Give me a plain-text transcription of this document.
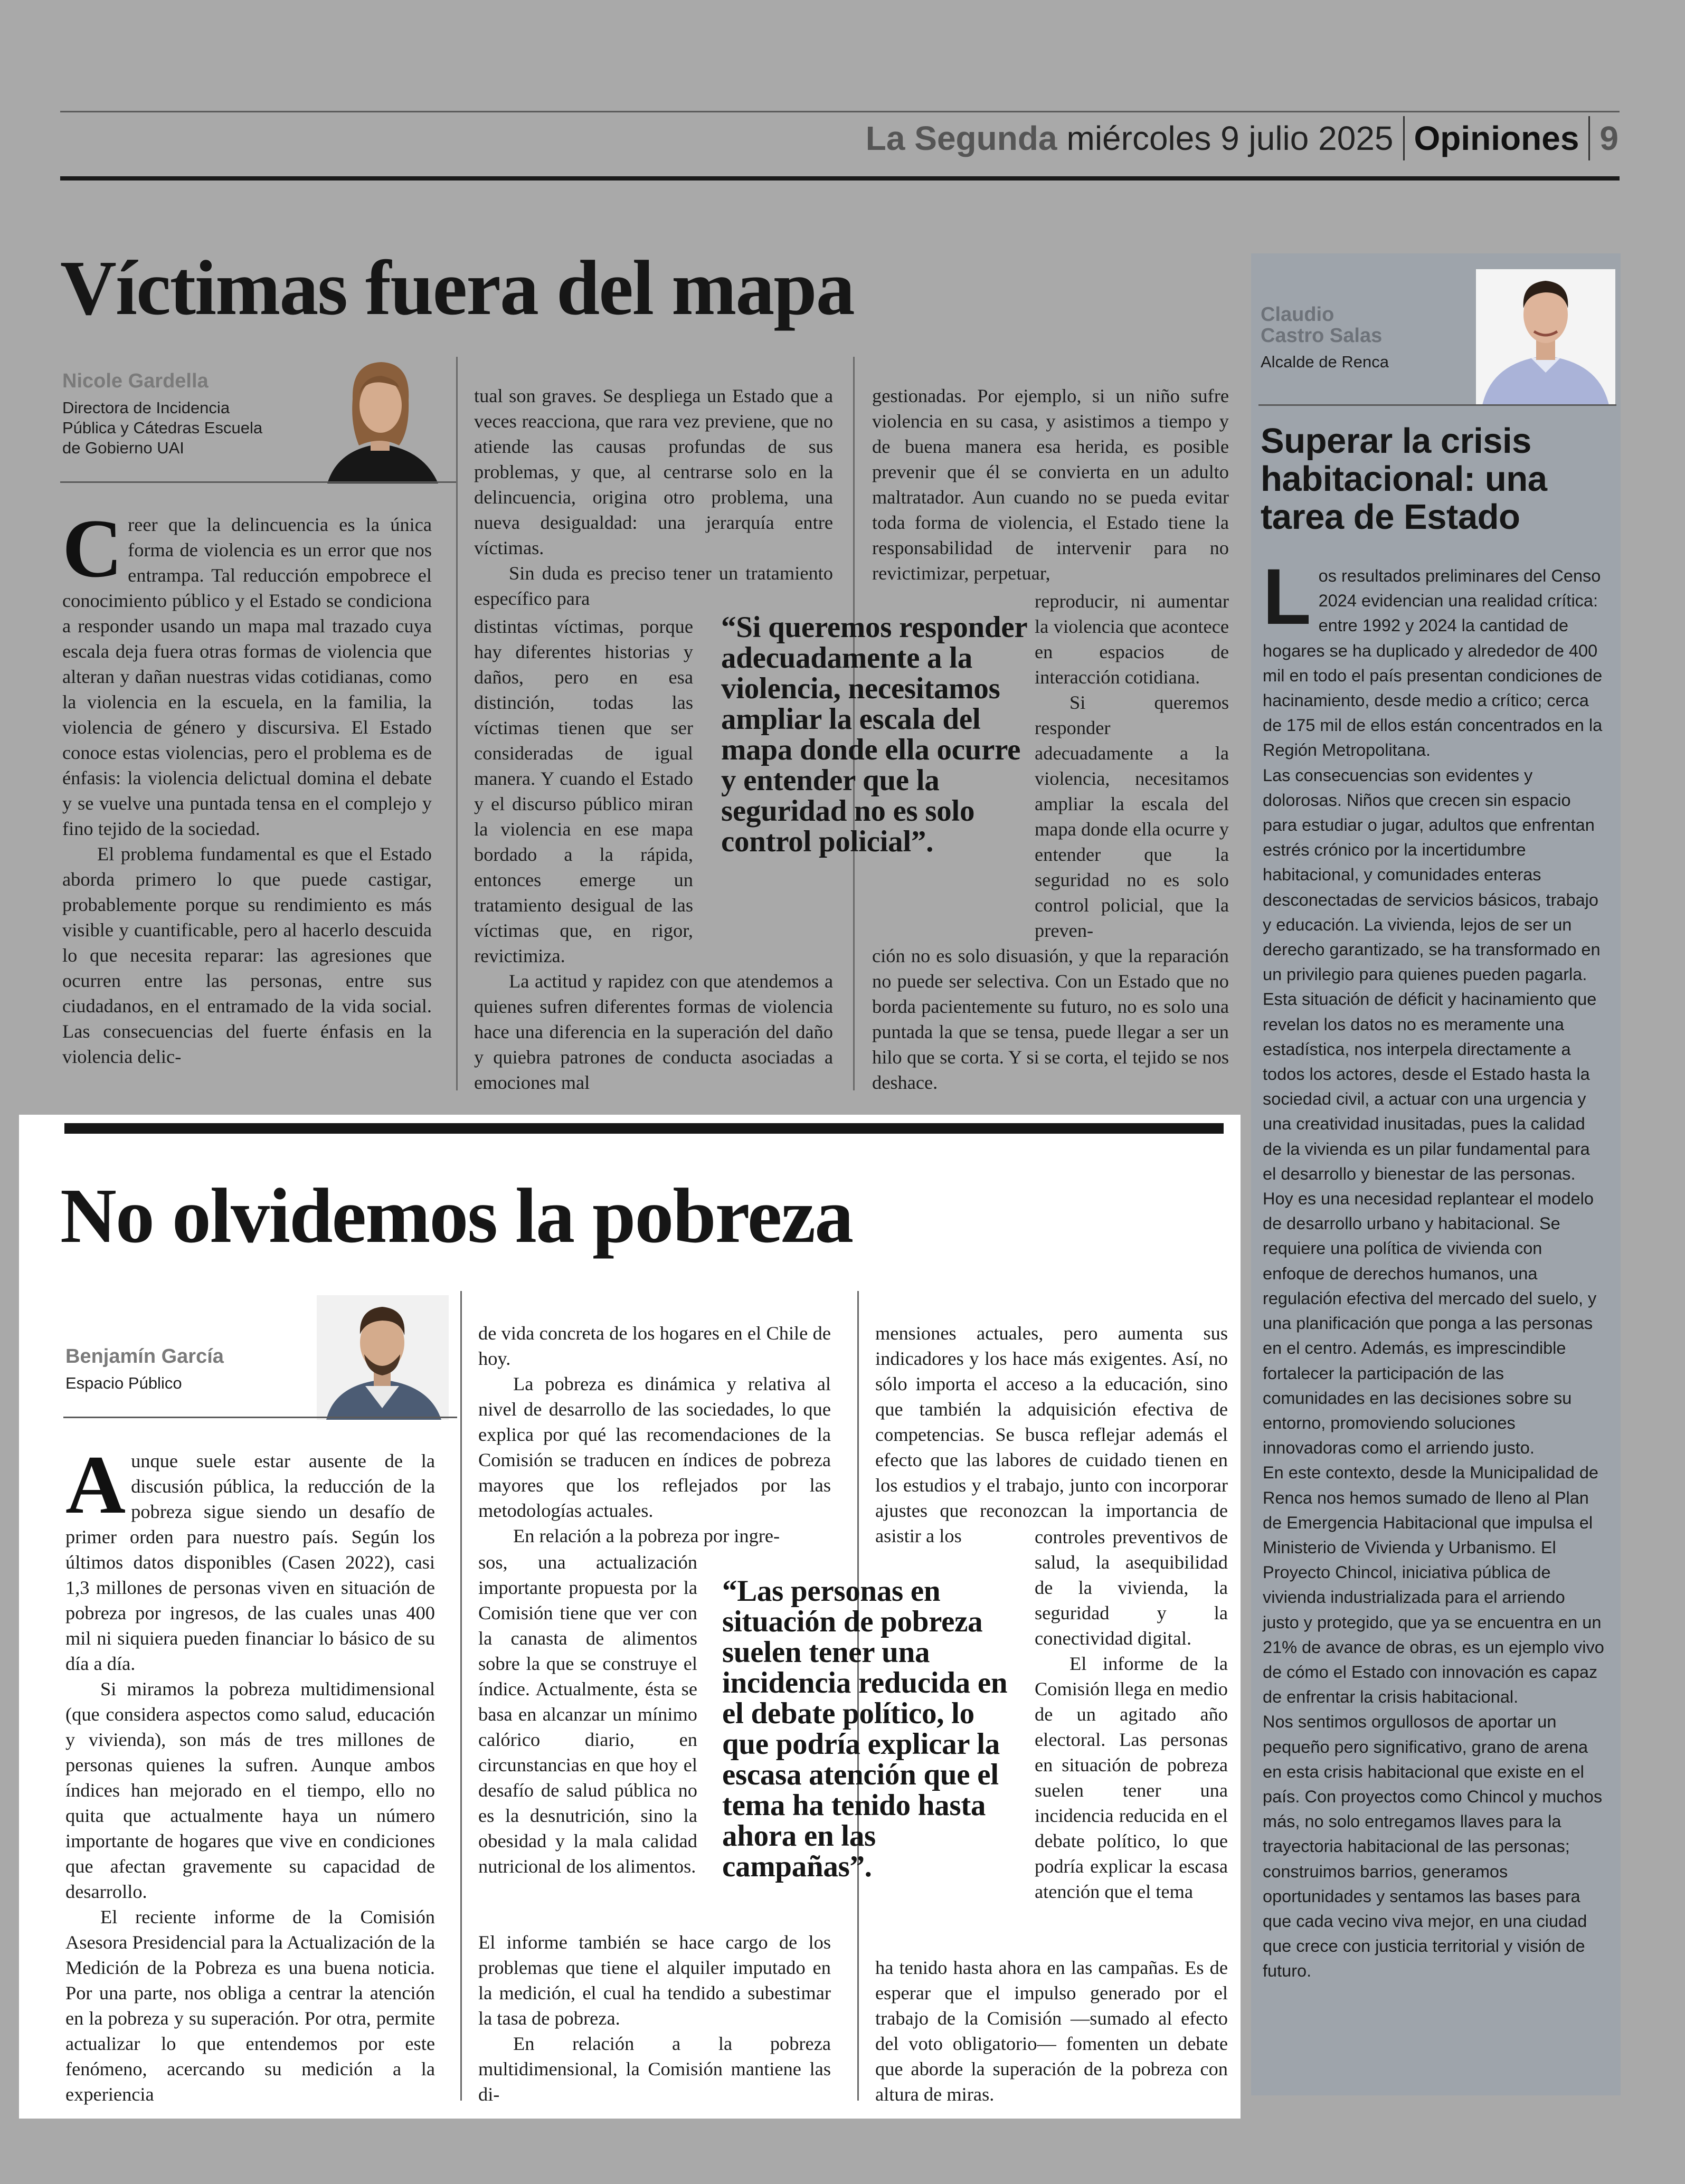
La Segunda miércoles 9 julio 2025 Opiniones 9
Víctimas fuera del mapa
Nicole Gardella
Directora de Incidencia
Pública y Cátedras Escuela
de Gobierno UAI

Creer que la delincuencia es la única forma de violencia es un error que nos entrampa. Tal reducción empobrece el conocimiento público y el Estado se condiciona a responder usando un mapa mal trazado cuya escala deja fuera otras formas de violencia que alteran y dañan nuestras vidas cotidianas, como la violencia en la escuela, en la familia, la violencia de género y discursiva. El Estado conoce estas violencias, pero el problema es de énfasis: la violencia delictual domina el debate y se vuelve una puntada tensa en el complejo y fino tejido de la sociedad.

El problema fundamental es que el Estado aborda primero lo que puede castigar, probablemente porque su rendimiento es más visible y cuantificable, pero al hacerlo descuida lo que necesita reparar: las agresiones que ocurren entre las personas, entre sus ciudadanos, en el entramado de la vida social. Las consecuencias del fuerte énfasis en la violencia delic-

tual son graves. Se despliega un Estado que a veces reacciona, que rara vez previene, que no atiende las causas profundas de sus problemas, y que, al centrarse solo en la delincuencia, origina otro problema, una nueva desigualdad: una jerarquía entre víctimas.

Sin duda es preciso tener un tratamiento específico para

distintas víctimas, porque hay diferentes historias y daños, pero en esa distinción, todas las víctimas tienen que ser consideradas de igual manera. Y cuando el Estado y el discurso público miran la violencia en ese mapa bordado a la rápida, entonces emerge un tratamiento desigual de las víctimas que, en rigor, revictimiza.

La actitud y rapidez con que atendemos a quienes sufren diferentes formas de violencia hace una diferencia en la superación del daño y quiebra patrones de conducta asociadas a emociones mal

gestionadas. Por ejemplo, si un niño sufre violencia en su casa, y asistimos a tiempo y de buena manera esa herida, es posible prevenir que él se convierta en un adulto maltratador. Aun cuando no se pueda evitar toda forma de violencia, el Estado tiene la responsabilidad de intervenir para no revictimizar, perpetuar,

reproducir, ni aumentar la violencia que acontece en espacios de interacción cotidiana.

Si queremos responder adecuadamente a la violencia, necesitamos ampliar la escala del mapa donde ella ocurre y entender que la seguridad no es solo control policial, que la preven-

ción no es solo disuasión, y que la reparación no puede ser selectiva. Con un Estado que no borda pacientemente su futuro, no es solo una puntada la que se tensa, puede llegar a ser un hilo que se corta. Y si se corta, el tejido se nos deshace.

“Si queremos responder adecuadamente a la violencia, necesitamos ampliar la escala del mapa donde ella ocurre y entender que la seguridad no es solo control policial”.
No olvidemos la pobreza
Benjamín García
Espacio Público

Aunque suele estar ausente de la discusión pública, la reducción de la pobreza sigue siendo un desafío de primer orden para nuestro país. Según los últimos datos disponibles (Casen 2022), casi 1,3 millones de personas viven en situación de pobreza por ingresos, de las cuales unas 400 mil ni siquiera pueden financiar lo básico de su día a día.

Si miramos la pobreza multidimensional (que considera aspectos como salud, educación y vivienda), son más de tres millones de personas quienes la sufren. Aunque ambos índices han mejorado en el tiempo, ello no quita que actualmente haya un número importante de hogares que vive en condiciones que afectan gravemente su capacidad de desarrollo.

El reciente informe de la Comisión Asesora Presidencial para la Actualización de la Medición de la Pobreza es una buena noticia. Por una parte, nos obliga a centrar la atención en la pobreza y su superación. Por otra, permite actualizar lo que entendemos por este fenómeno, acercando su medición a la experiencia

de vida concreta de los hogares en el Chile de hoy.

La pobreza es dinámica y relativa al nivel de desarrollo de las sociedades, lo que explica por qué las recomendaciones de la Comisión se traducen en índices de pobreza mayores que los reflejados por las metodologías actuales.

En relación a la pobreza por ingre-

sos, una actualización importante propuesta por la Comisión tiene que ver con la canasta de alimentos sobre la que se construye el índice. Actualmente, ésta se basa en alcanzar un mínimo calórico diario, en circunstancias en que hoy el desafío de salud pública no es la desnutrición, sino la obesidad y la mala calidad nutricional de los alimentos.

El informe también se hace cargo de los problemas que tiene el alquiler imputado en la medición, el cual ha tendido a subestimar la tasa de pobreza.

En relación a la pobreza multidimensional, la Comisión mantiene las di-

mensiones actuales, pero aumenta sus indicadores y los hace más exigentes. Así, no sólo importa el acceso a la educación, sino que también la adquisición efectiva de competencias. Se busca reflejar además el efecto que las labores de cuidado tienen en los estudios y el trabajo, junto con incorporar ajustes que reconozcan la importancia de asistir a los	controles preventivos de salud, la asequibilidad de la vivienda, la seguridad y la conectividad digital.

El informe de la Comisión llega en medio de un agitado año electoral. Las personas en situación de pobreza suelen tener una incidencia reducida en el debate político, lo que podría explicar la escasa atención que el tema

ha tenido hasta ahora en las campañas. Es de esperar que el impulso generado por el trabajo de la Comisión —sumado al efecto del voto obligatorio— fomenten un debate que aborde la superación de la pobreza con altura de miras.

“Las personas en situación de pobreza suelen tener una incidencia reducida en el debate político, lo que podría explicar la escasa atención que el tema ha tenido hasta ahora en las campañas”.
Claudio
Castro Salas
Alcalde de Renca
Superar la crisis habitacional: una tarea de Estado

Los resultados preliminares del Censo 2024 evidencian una realidad crítica: entre 1992 y 2024 la cantidad de hogares se ha duplicado y alrededor de 400 mil en todo el país presentan condiciones de hacinamiento, desde medio a crítico; cerca de 175 mil de ellos están concentrados en la Región Metropolitana.

Las consecuencias son evidentes y dolorosas. Niños que crecen sin espacio para estudiar o jugar, adultos que enfrentan estrés crónico por la incertidumbre habitacional, y comunidades enteras desconectadas de servicios básicos, trabajo y educación. La vivienda, lejos de ser un derecho garantizado, se ha transformado en un privilegio para quienes pueden pagarla.

Esta situación de déficit y hacinamiento que revelan los datos no es meramente una estadística, nos interpela directamente a todos los actores, desde el Estado hasta la sociedad civil, a actuar con una urgencia y una creatividad inusitadas, pues la calidad de la vivienda es un pilar fundamental para el desarrollo y bienestar de las personas.

Hoy es una necesidad replantear el modelo de desarrollo urbano y habitacional. Se requiere una política de vivienda con enfoque de derechos humanos, una regulación efectiva del mercado del suelo, y una planificación que ponga a las personas en el centro. Además, es imprescindible fortalecer la participación de las comunidades en las decisiones sobre su entorno, promoviendo soluciones innovadoras como el arriendo justo.

En este contexto, desde la Municipalidad de Renca nos hemos sumado de lleno al Plan de Emergencia Habitacional que impulsa el Ministerio de Vivienda y Urbanismo. El Proyecto Chincol, iniciativa pública de vivienda industrializada para el arriendo justo y protegido, que ya se encuentra en un 21% de avance de obras, es un ejemplo vivo de cómo el Estado con innovación es capaz de enfrentar la crisis habitacional.

Nos sentimos orgullosos de aportar un pequeño pero significativo, grano de arena en esta crisis habitacional que existe en el país. Con proyectos como Chincol y muchos más, no solo entregamos llaves para la trayectoria habitacional de las personas; construimos barrios, generamos oportunidades y sentamos las bases para que cada vecino viva mejor, en una ciudad que crece con justicia territorial y visión de futuro.
